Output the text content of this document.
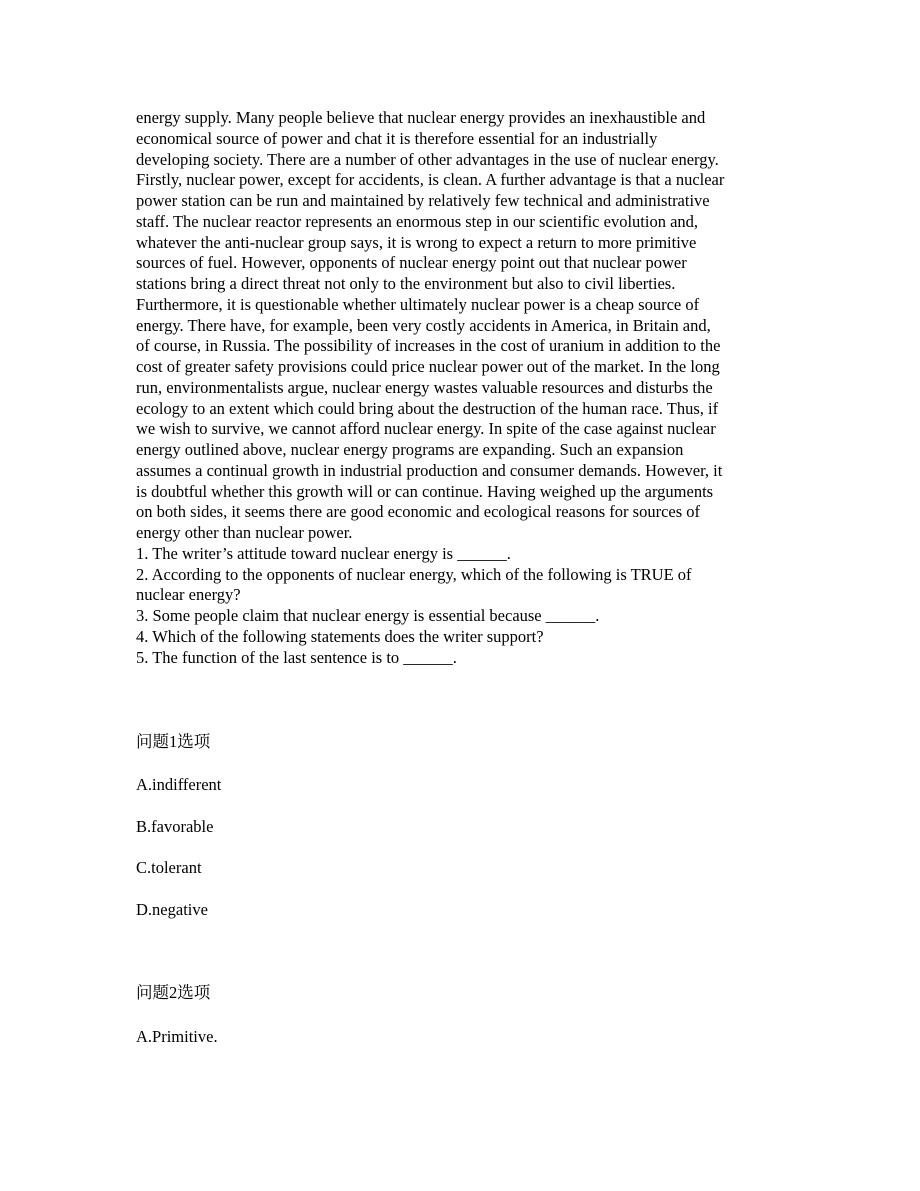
energy supply. Many people believe that nuclear energy provides an inexhaustible and
economical source of power and chat it is therefore essential for an industrially
developing society. There are a number of other advantages in the use of nuclear energy.
Firstly, nuclear power, except for accidents, is clean. A further advantage is that a nuclear
power station can be run and maintained by relatively few technical and administrative
staff. The nuclear reactor represents an enormous step in our scientific evolution and,
whatever the anti-nuclear group says, it is wrong to expect a return to more primitive
sources of fuel. However, opponents of nuclear energy point out that nuclear power
stations bring a direct threat not only to the environment but also to civil liberties.
Furthermore, it is questionable whether ultimately nuclear power is a cheap source of
energy. There have, for example, been very costly accidents in America, in Britain and,
of course, in Russia. The possibility of increases in the cost of uranium in addition to the
cost of greater safety provisions could price nuclear power out of the market. In the long
run, environmentalists argue, nuclear energy wastes valuable resources and disturbs the
ecology to an extent which could bring about the destruction of the human race. Thus, if
we wish to survive, we cannot afford nuclear energy. In spite of the case against nuclear
energy outlined above, nuclear energy programs are expanding. Such an expansion
assumes a continual growth in industrial production and consumer demands. However, it
is doubtful whether this growth will or can continue. Having weighed up the arguments
on both sides, it seems there are good economic and ecological reasons for sources of
energy other than nuclear power.
1. The writer’s attitude toward nuclear energy is ______.
2. According to the opponents of nuclear energy, which of the following is TRUE of
nuclear energy?
3. Some people claim that nuclear energy is essential because ______.
4. Which of the following statements does the writer support?
5. The function of the last sentence is to ______.
问题1选项
A.indifferent
B.favorable
C.tolerant
D.negative
问题2选项
A.Primitive.
